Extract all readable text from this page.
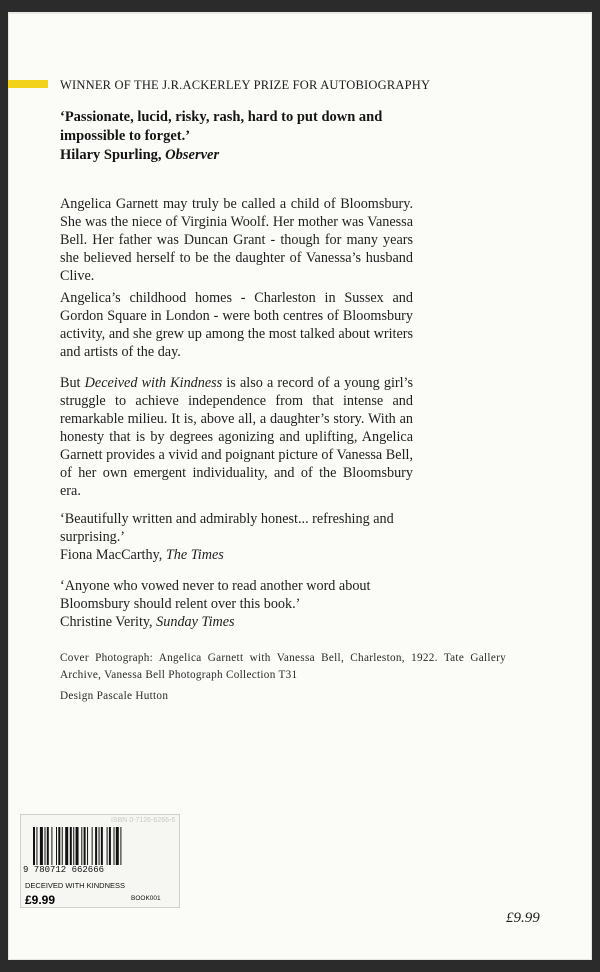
WINNER OF THE J.R.ACKERLEY PRIZE FOR AUTOBIOGRAPHY
‘Passionate, lucid, risky, rash, hard to put down and impossible to forget.’
Hilary Spurling, Observer
Angelica Garnett may truly be called a child of Bloomsbury. She was the niece of Virginia Woolf. Her mother was Vanessa Bell. Her father was Duncan Grant - though for many years she believed herself to be the daughter of Vanessa’s husband Clive.
Angelica’s childhood homes - Charleston in Sussex and Gordon Square in London - were both centres of Bloomsbury activity, and she grew up among the most talked about writers and artists of the day.
But Deceived with Kindness is also a record of a young girl’s struggle to achieve independence from that intense and remarkable milieu. It is, above all, a daughter’s story. With an honesty that is by degrees agonizing and uplifting, Angelica Garnett provides a vivid and poignant picture of Vanessa Bell, of her own emergent individuality, and of the Bloomsbury era.
‘Beautifully written and admirably honest... refreshing and surprising.’
Fiona MacCarthy, The Times
‘Anyone who vowed never to read another word about Bloomsbury should relent over this book.’
Christine Verity, Sunday Times
Cover Photograph: Angelica Garnett with Vanessa Bell, Charleston, 1922. Tate Gallery Archive, Vanessa Bell Photograph Collection T31
Design Pascale Hutton
£9.99
ISBN 0-7126-6266-6
9 780712 662666
DECEIVED WITH KINDNESS
£9.99	BOOK001
